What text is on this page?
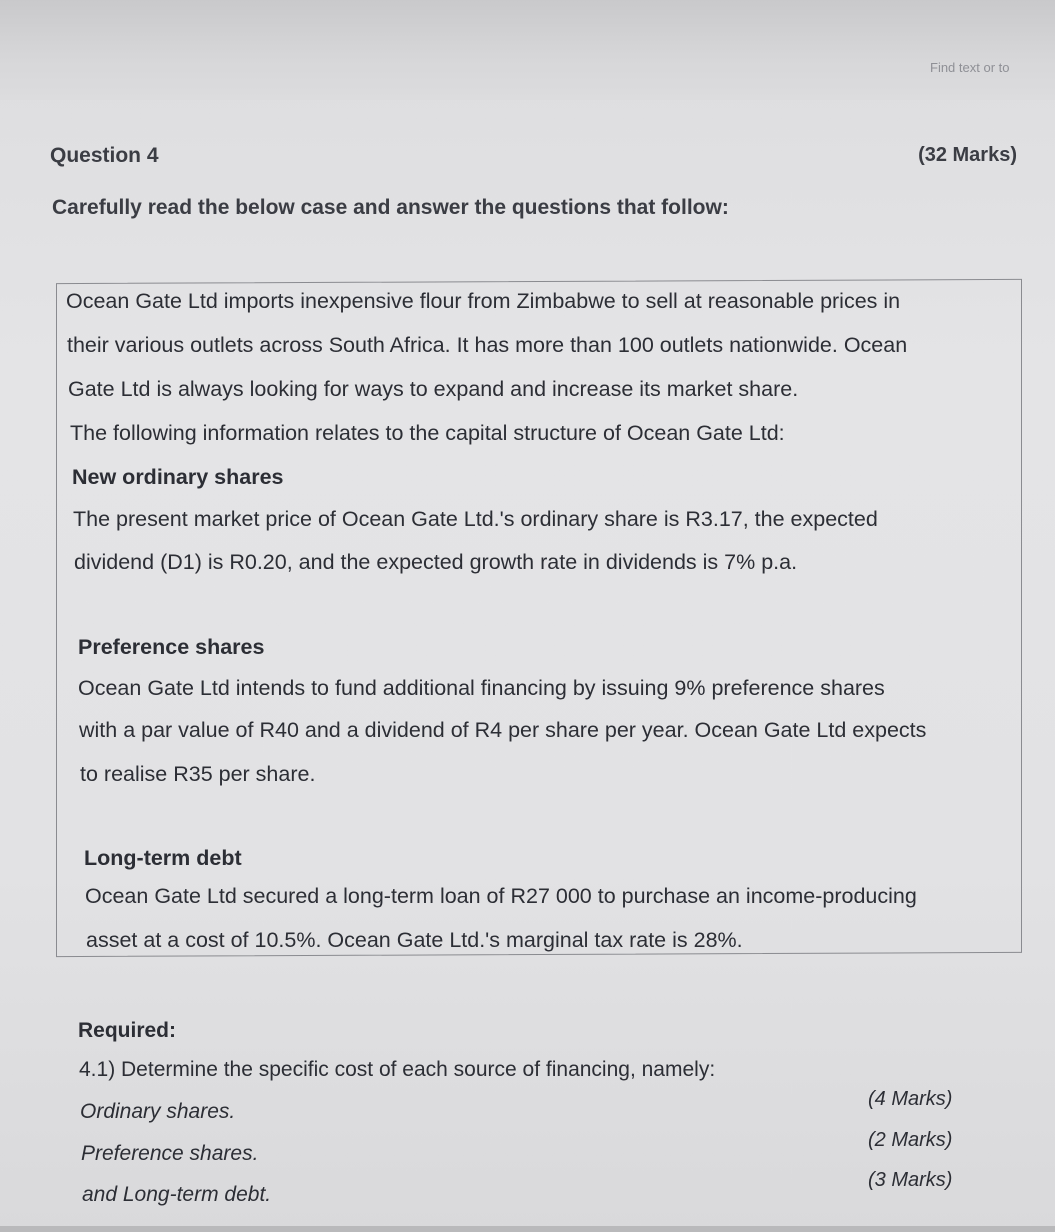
Find text or to
Question 4	(32 Marks)
Carefully read the below case and answer the questions that follow:
Ocean Gate Ltd imports inexpensive flour from Zimbabwe to sell at reasonable prices in
their various outlets across South Africa. It has more than 100 outlets nationwide. Ocean
Gate Ltd is always looking for ways to expand and increase its market share.
The following information relates to the capital structure of Ocean Gate Ltd:
New ordinary shares
The present market price of Ocean Gate Ltd.'s ordinary share is R3.17, the expected
dividend (D1) is R0.20, and the expected growth rate in dividends is 7% p.a.
Preference shares
Ocean Gate Ltd intends to fund additional financing by issuing 9% preference shares
with a par value of R40 and a dividend of R4 per share per year. Ocean Gate Ltd expects
to realise R35 per share.
Long-term debt
Ocean Gate Ltd secured a long-term loan of R27 000 to purchase an income-producing
asset at a cost of 10.5%. Ocean Gate Ltd.'s marginal tax rate is 28%.
Required:
4.1) Determine the specific cost of each source of financing, namely:
Ordinary shares.
(4 Marks)
Preference shares.
(2 Marks)
and Long-term debt.
(3 Marks)
